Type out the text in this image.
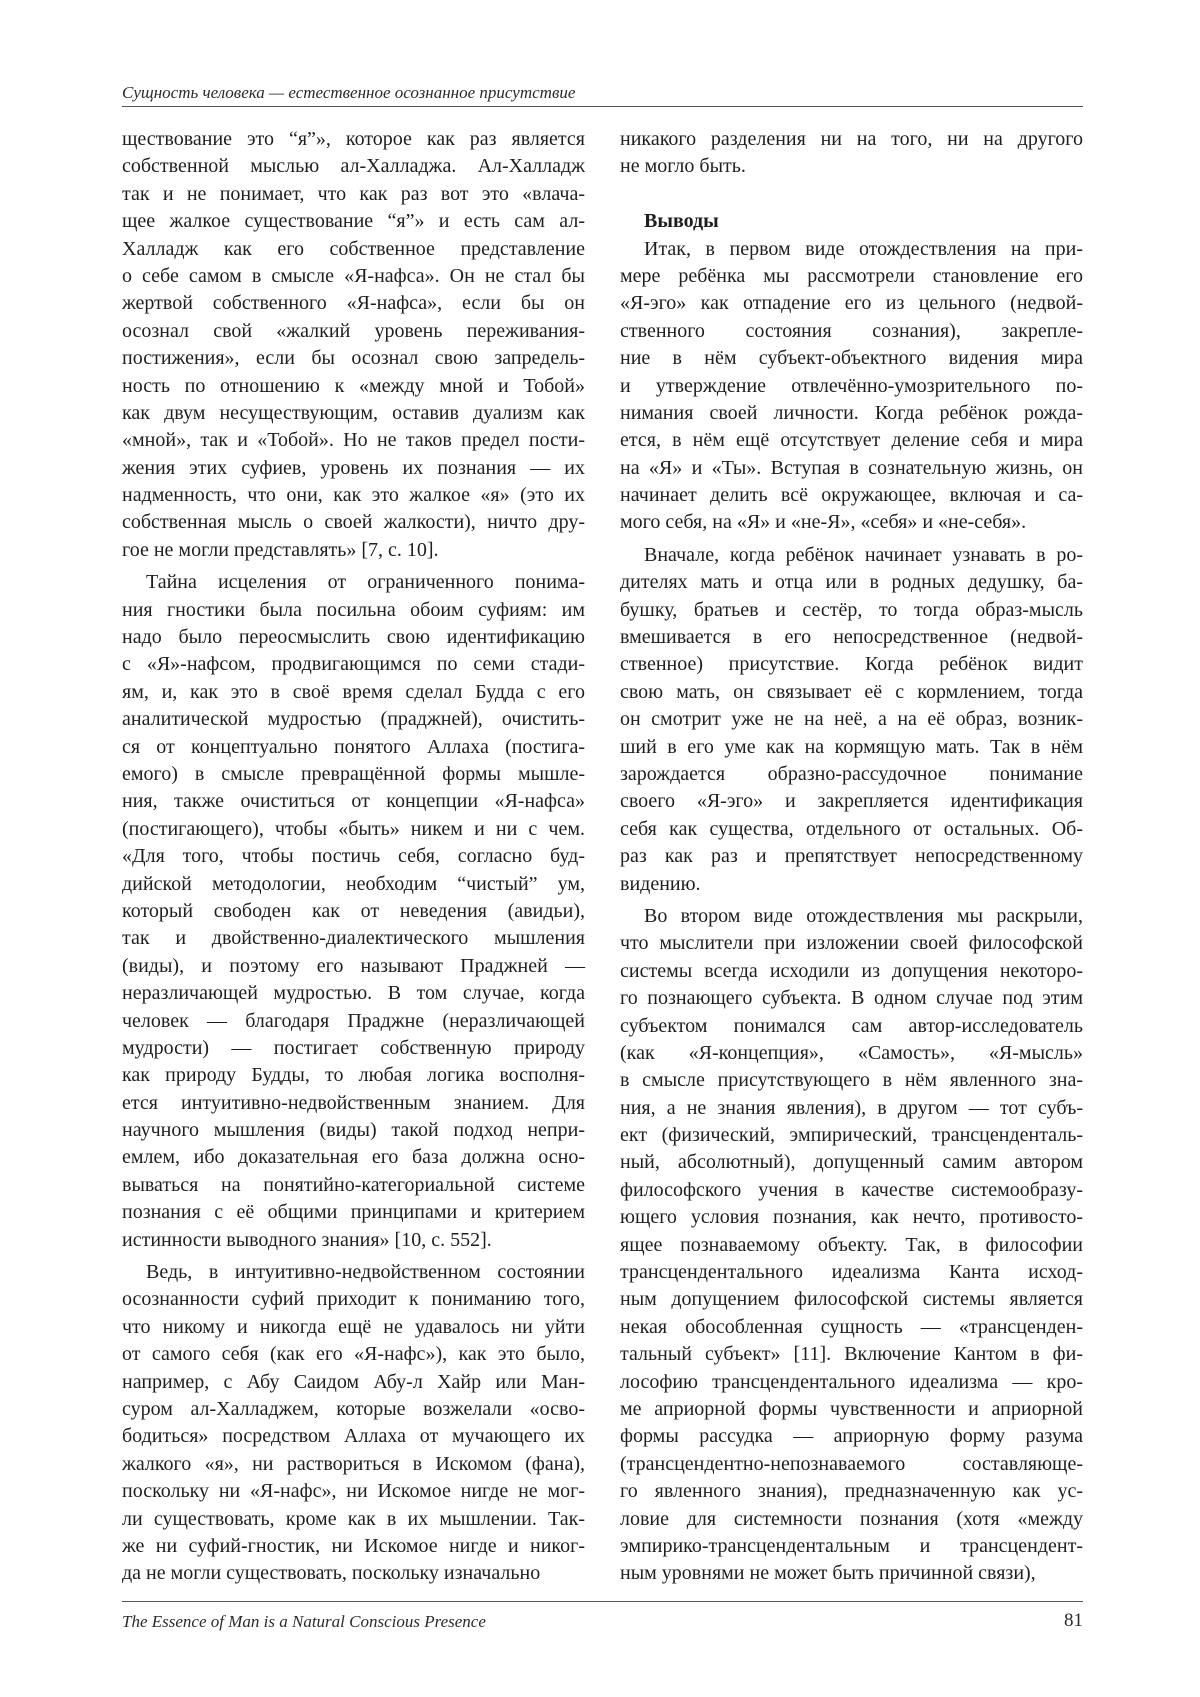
Сущность человека — естественное осознанное присутствие
ществование это “я”», которое как раз является
собственной мыслью ал-Халладжа. Ал-Халладж
так и не понимает, что как раз вот это «влача-
щее жалкое существование “я”» и есть сам ал-
Халладж как его собственное представление
о себе самом в смысле «Я-нафса». Он не стал бы
жертвой собственного «Я-нафса», если бы он
осознал свой «жалкий уровень переживания-
постижения», если бы осознал свою запредель-
ность по отношению к «между мной и Тобой»
как двум несуществующим, оставив дуализм как
«мной», так и «Тобой». Но не таков предел пости-
жения этих суфиев, уровень их познания — их
надменность, что они, как это жалкое «я» (это их
собственная мысль о своей жалкости), ничто дру-
гое не могли представлять» [7, с. 10].
Тайна исцеления от ограниченного понима-
ния гностики была посильна обоим суфиям: им
надо было переосмыслить свою идентификацию
с «Я»-нафсом, продвигающимся по семи стади-
ям, и, как это в своё время сделал Будда с его
аналитической мудростью (праджней), очистить-
ся от концептуально понятого Аллаха (постига-
емого) в смысле превращённой формы мышле-
ния, также очиститься от концепции «Я-нафса»
(постигающего), чтобы «быть» никем и ни с чем.
«Для того, чтобы постичь себя, согласно буд-
дийской методологии, необходим “чистый” ум,
который свободен как от неведения (авидьи),
так и двойственно-диалектического мышления
(виды), и поэтому его называют Праджней —
неразличающей мудростью. В том случае, когда
человек — благодаря Праджне (неразличающей
мудрости) — постигает собственную природу
как природу Будды, то любая логика восполня-
ется интуитивно-недвойственным знанием. Для
научного мышления (виды) такой подход непри-
емлем, ибо доказательная его база должна осно-
вываться на понятийно-категориальной системе
познания с её общими принципами и критерием
истинности выводного знания» [10, с. 552].
Ведь, в интуитивно-недвойственном состоянии
осознанности суфий приходит к пониманию того,
что никому и никогда ещё не удавалось ни уйти
от самого себя (как его «Я-нафс»), как это было,
например, с Абу Саидом Абу-л Хайр или Ман-
суром ал-Халладжем, которые возжелали «осво-
бодиться» посредством Аллаха от мучающего их
жалкого «я», ни раствориться в Искомом (фана),
поскольку ни «Я-нафс», ни Искомое нигде не мог-
ли существовать, кроме как в их мышлении. Так-
же ни суфий-гностик, ни Искомое нигде и никог-
да не могли существовать, поскольку изначально
никакого разделения ни на того, ни на другого
не могло быть.
Выводы
Итак, в первом виде отождествления на при-
мере ребёнка мы рассмотрели становление его
«Я-эго» как отпадение его из цельного (недвой-
ственного состояния сознания), закрепле-
ние в нём субъект-объектного видения мира
и утверждение отвлечённо-умозрительного по-
нимания своей личности. Когда ребёнок рожда-
ется, в нём ещё отсутствует деление себя и мира
на «Я» и «Ты». Вступая в сознательную жизнь, он
начинает делить всё окружающее, включая и са-
мого себя, на «Я» и «не-Я», «себя» и «не-себя».
Вначале, когда ребёнок начинает узнавать в ро-
дителях мать и отца или в родных дедушку, ба-
бушку, братьев и сестёр, то тогда образ-мысль
вмешивается в его непосредственное (недвой-
ственное) присутствие. Когда ребёнок видит
свою мать, он связывает её с кормлением, тогда
он смотрит уже не на неё, а на её образ, возник-
ший в его уме как на кормящую мать. Так в нём
зарождается образно-рассудочное понимание
своего «Я-эго» и закрепляется идентификация
себя как существа, отдельного от остальных. Об-
раз как раз и препятствует непосредственному
видению.
Во втором виде отождествления мы раскрыли,
что мыслители при изложении своей философской
системы всегда исходили из допущения некоторо-
го познающего субъекта. В одном случае под этим
субъектом понимался сам автор-исследователь
(как «Я-концепция», «Самость», «Я-мысль»
в смысле присутствующего в нём явленного зна-
ния, а не знания явления), в другом — тот субъ-
ект (физический, эмпирический, трансценденталь-
ный, абсолютный), допущенный самим автором
философского учения в качестве системообразу-
ющего условия познания, как нечто, противосто-
ящее познаваемому объекту. Так, в философии
трансцендентального идеализма Канта исход-
ным допущением философской системы является
некая обособленная сущность — «трансценден-
тальный субъект» [11]. Включение Кантом в фи-
лософию трансцендентального идеализма — кро-
ме априорной формы чувственности и априорной
формы рассудка — априорную форму разума
(трансцендентно-непознаваемого составляюще-
го явленного знания), предназначенную как ус-
ловие для системности познания (хотя «между
эмпирико-трансцендентальным и трансцендент-
ным уровнями не может быть причинной связи),
The Essence of Man is a Natural Conscious Presence	81
